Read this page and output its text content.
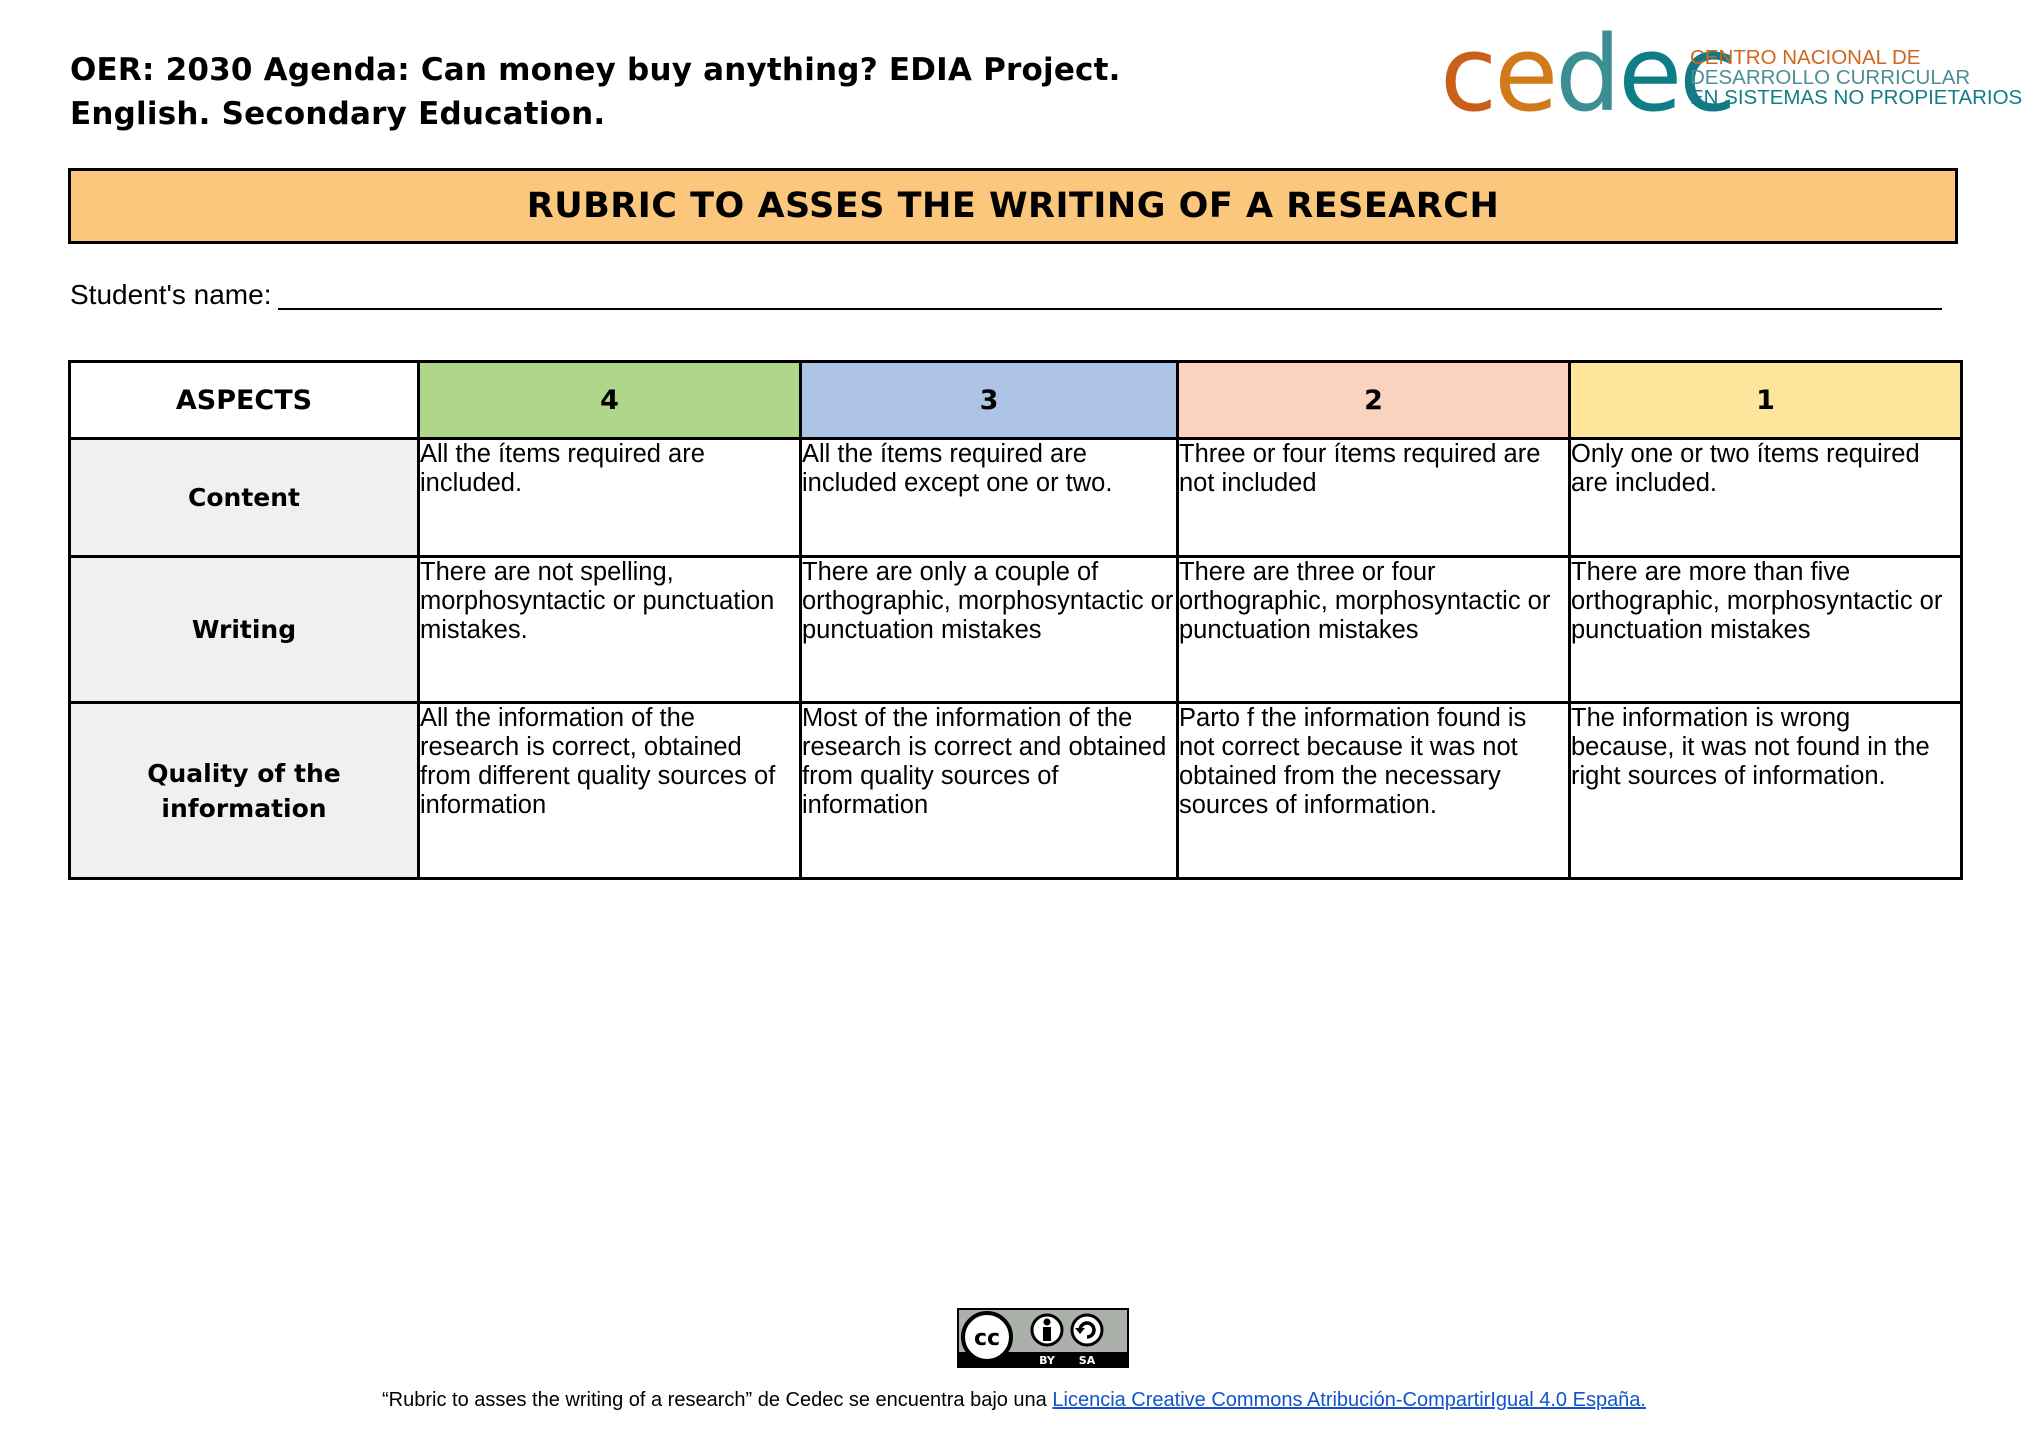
OER: 2030 Agenda: Can money buy anything? EDIA Project.
English. Secondary Education.	cedec
CENTRO NACIONAL DE
DESARROLLO CURRICULAR
EN SISTEMAS NO PROPIETARIOS
RUBRIC TO ASSES THE WRITING OF A RESEARCH
Student's name:
ASPECTS	4	3	2	1
Content	All the ítems required are included.	All the ítems required are included except one or two.	Three or four ítems required are not included	Only one or two ítems required are included.
Writing	There are not spelling, morphosyntactic or punctuation mistakes.	There are only a couple of orthographic, morphosyntactic or punctuation mistakes	There are three or four orthographic, morphosyntactic or punctuation mistakes	There are more than five orthographic, morphosyntactic or punctuation mistakes

Quality of the information	All the information of the research is correct, obtained from different quality sources of information	Most of the information of the research is correct and obtained from quality sources of information	Parto f the information found is not correct because it was not obtained from the necessary sources of information.	The information is wrong because, it was not found in the right sources of information.
cc
BY SA
“Rubric to asses the writing of a research” de Cedec se encuentra bajo una Licencia Creative Commons Atribución-CompartirIgual 4.0 España.
